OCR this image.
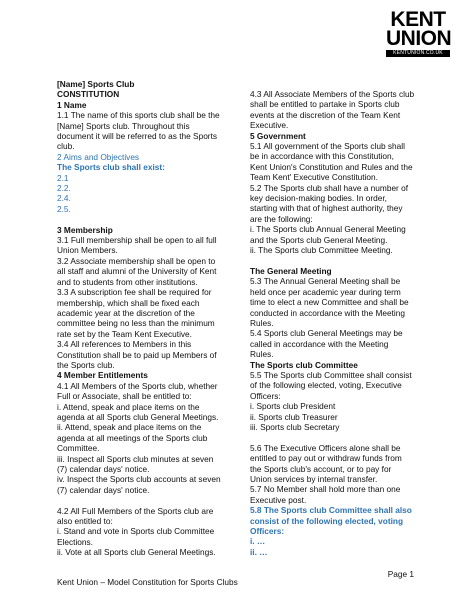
KENT
UNION
KENTUNION.CO.UK

[Name] Sports Club

CONSTITUTION

1 Name

1.1 The name of this sports club shall be the

[Name] Sports club. Throughout this

document it will be referred to as the Sports

club.

2 Aims and Objectives

The Sports club shall exist:

2.1

2.2.

2.4.

2.5.

3 Membership

3.1 Full membership shall be open to all full

Union Members.

3.2 Associate membership shall be open to

all staff and alumni of the University of Kent

and to students from other institutions.

3.3 A subscription fee shall be required for

membership, which shall be fixed each

academic year at the discretion of the

committee being no less than the minimum

rate set by the Team Kent Executive.

3.4 All references to Members in this

Constitution shall be to paid up Members of

the Sports club.

4 Member Entitlements

4.1 All Members of the Sports club, whether

Full or Associate, shall be entitled to:

i. Attend, speak and place items on the

agenda at all Sports club General Meetings.

ii. Attend, speak and place items on the

agenda at all meetings of the Sports club

Committee.

iii. Inspect all Sports club minutes at seven

(7) calendar days' notice.

iv. Inspect the Sports club accounts at seven

(7) calendar days' notice.

4.2 All Full Members of the Sports club are

also entitled to:

i. Stand and vote in Sports club Committee

Elections.

ii. Vote at all Sports club General Meetings.

4.3 All Associate Members of the Sports club

shall be entitled to partake in Sports club

events at the discretion of the Team Kent

Executive.

5 Government

5.1 All government of the Sports club shall

be in accordance with this Constitution,

Kent Union's Constitution and Rules and the

Team Kent' Executive Constitution.

5.2 The Sports club shall have a number of

key decision-making bodies. In order,

starting with that of highest authority, they

are the following:

i. The Sports club Annual General Meeting

and the Sports club General Meeting.

ii. The Sports club Committee Meeting.

The General Meeting

5.3 The Annual General Meeting shall be

held once per academic year during term

time to elect a new Committee and shall be

conducted in accordance with the Meeting

Rules.

5.4 Sports club General Meetings may be

called in accordance with the Meeting

Rules.

The Sports club Committee

5.5 The Sports club Committee shall consist

of the following elected, voting, Executive

Officers:

i. Sports club President

ii. Sports club Treasurer

iii. Sports club Secretary

5.6 The Executive Officers alone shall be

entitled to pay out or withdraw funds from

the Sports club's account, or to pay for

Union services by internal transfer.

5.7 No Member shall hold more than one

Executive post.

5.8 The Sports club Committee shall also

consist of the following elected, voting

Officers:

i. …

ii. …

Kent Union – Model Constitution for Sports Clubs
Page 1
